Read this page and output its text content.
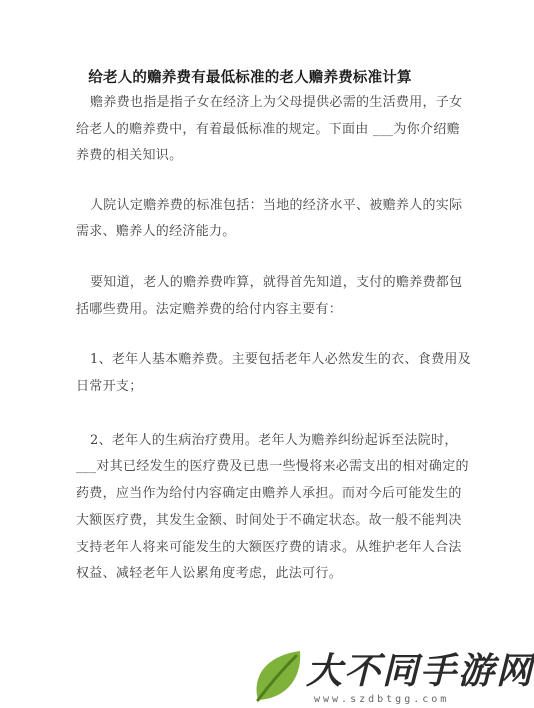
给老人的赡养费有最低标准的老人赡养费标准计算
赡养费也指是指子女在经济上为父母提供必需的生活费用，子女
给老人的赡养费中，有着最低标准的规定。下面由 ___为你介绍赡
养费的相关知识。
人院认定赡养费的标准包括：当地的经济水平、被赡养人的实际
需求、赡养人的经济能力。
要知道，老人的赡养费咋算，就得首先知道，支付的赡养费都包
括哪些费用。法定赡养费的给付内容主要有：
1、老年人基本赡养费。主要包括老年人必然发生的衣、食费用及
日常开支；
2、老年人的生病治疗费用。老年人为赡养纠纷起诉至法院时，
___对其已经发生的医疗费及已患一些慢将来必需支出的相对确定的
药费，应当作为给付内容确定由赡养人承担。而对今后可能发生的
大额医疗费，其发生金额、时间处于不确定状态。故一般不能判决
支持老年人将来可能发生的大额医疗费的请求。从维护老年人合法
权益、减轻老年人讼累角度考虑，此法可行。
大不同手游网
www.szdbtgg.com
